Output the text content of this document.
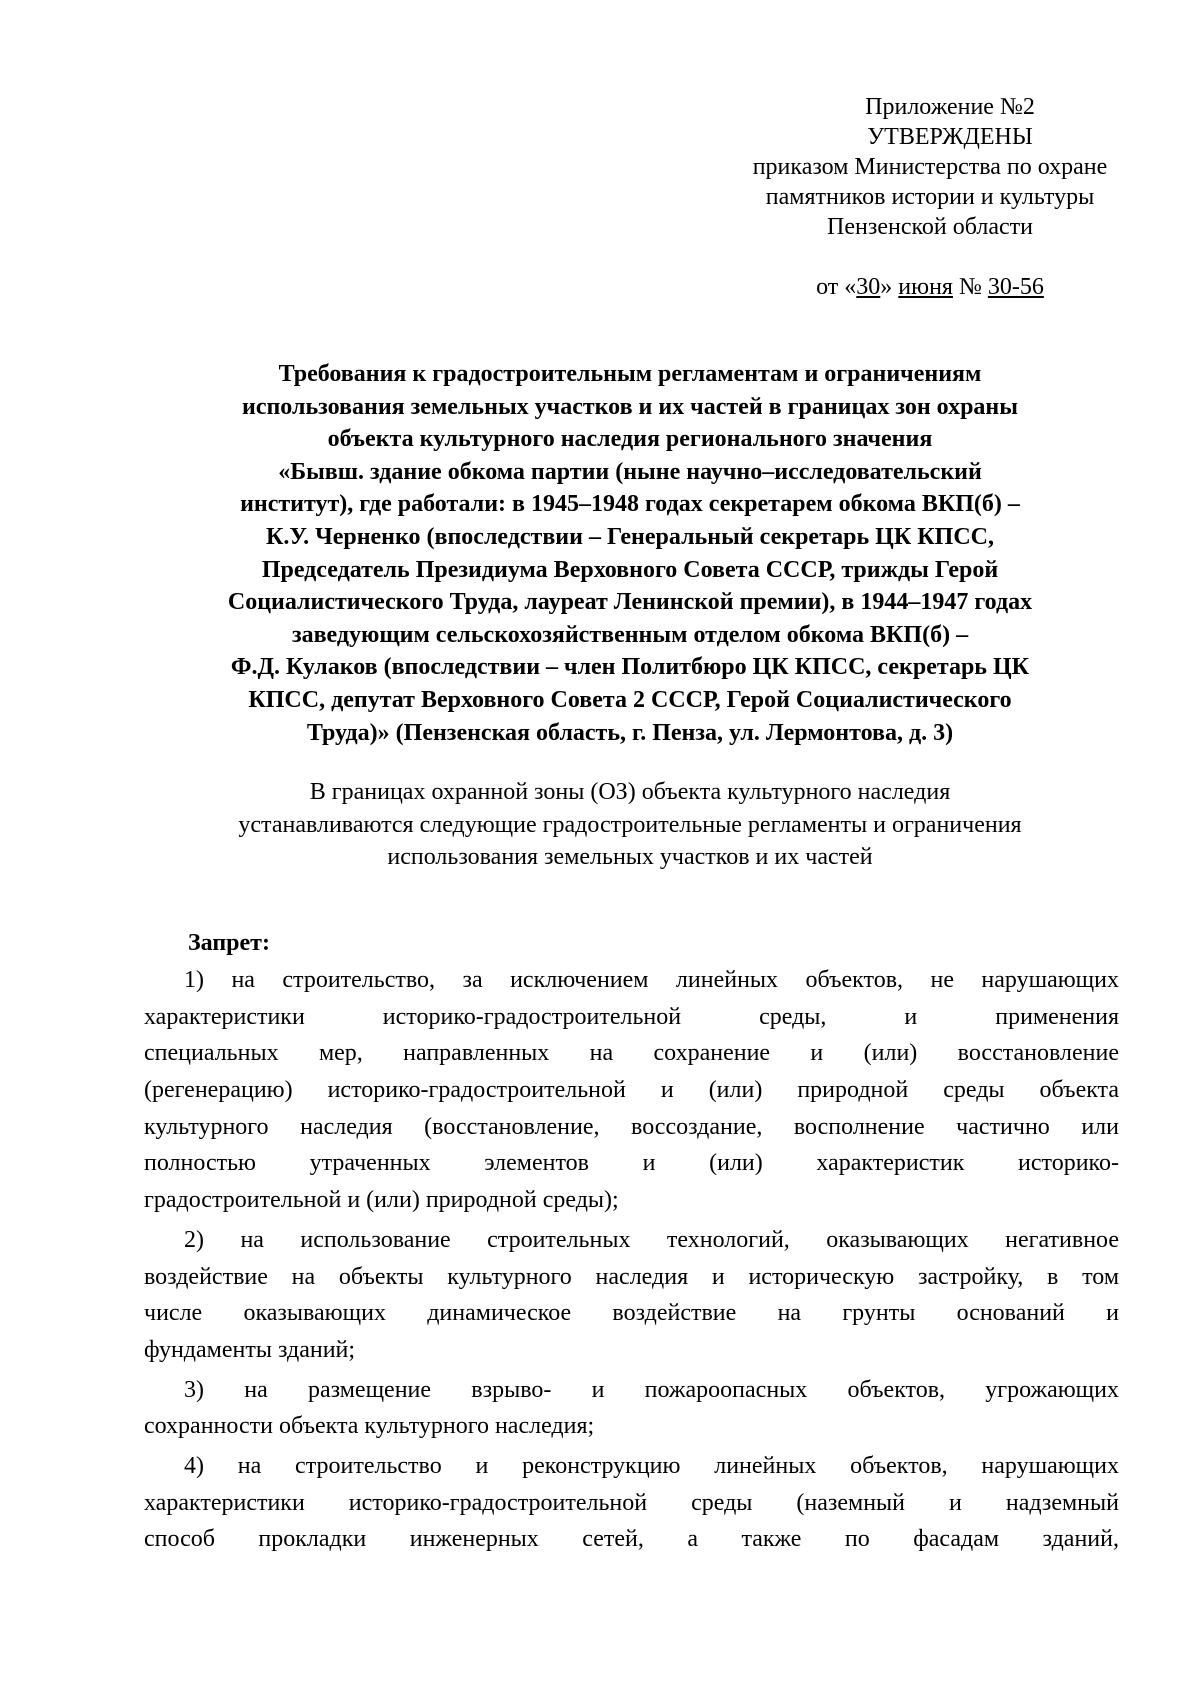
Приложение №2
УТВЕРЖДЕНЫ
приказом Министерства по охране
памятников истории и культуры
Пензенской области
от «30» июня № 30-56
Требования к градостроительным регламентам и ограничениям
использования земельных участков и их частей в границах зон охраны
объекта культурного наследия регионального значения
«Бывш. здание обкома партии (ныне научно–исследовательский
институт), где работали: в 1945–1948 годах секретарем обкома ВКП(б) –
К.У. Черненко (впоследствии – Генеральный секретарь ЦК КПСС,
Председатель Президиума Верховного Совета СССР, трижды Герой
Социалистического Труда, лауреат Ленинской премии), в 1944–1947 годах
заведующим сельскохозяйственным отделом обкома ВКП(б) –
Ф.Д. Кулаков (впоследствии – член Политбюро ЦК КПСС, секретарь ЦК
КПСС, депутат Верховного Совета 2 СССР, Герой Социалистического
Труда)» (Пензенская область, г. Пенза, ул. Лермонтова, д. 3)
В границах охранной зоны (ОЗ) объекта культурного наследия
устанавливаются следующие градостроительные регламенты и ограничения
использования земельных участков и их частей
Запрет:
1) на строительство, за исключением линейных объектов, не нарушающих
характеристики историко-градостроительной среды, и применения
специальных мер, направленных на сохранение и (или) восстановление
(регенерацию) историко-градостроительной и (или) природной среды объекта
культурного наследия (восстановление, воссоздание, восполнение частично или
полностью утраченных элементов и (или) характеристик историко-
градостроительной и (или) природной среды);
2) на использование строительных технологий, оказывающих негативное
воздействие на объекты культурного наследия и историческую застройку, в том
числе оказывающих динамическое воздействие на грунты оснований и
фундаменты зданий;
3) на размещение взрыво- и пожароопасных объектов, угрожающих
сохранности объекта культурного наследия;
4) на строительство и реконструкцию линейных объектов, нарушающих
характеристики историко-градостроительной среды (наземный и надземный
способ прокладки инженерных сетей, а также по фасадам зданий,
